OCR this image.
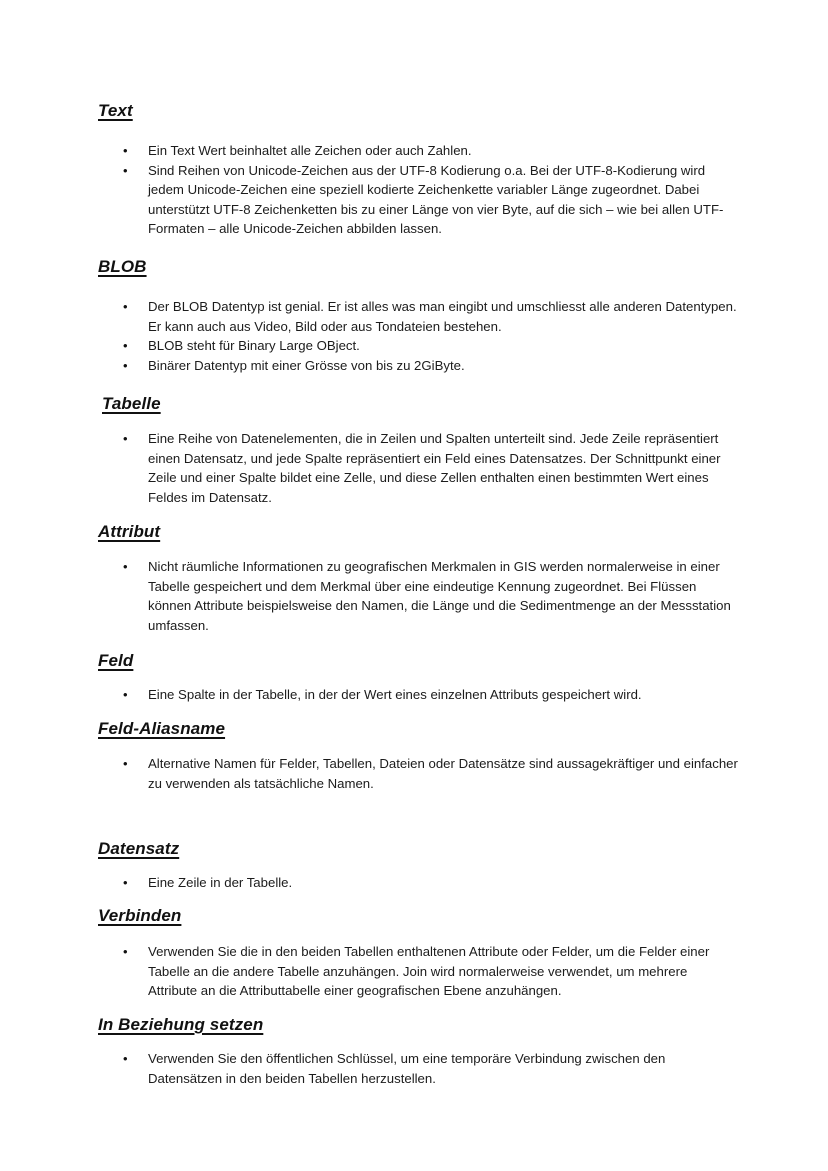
Text
• Ein Text Wert beinhaltet alle Zeichen oder auch Zahlen.
• Sind Reihen von Unicode-Zeichen aus der UTF-8 Kodierung o.a. Bei der UTF-8-Kodierung wird jedem Unicode-Zeichen eine speziell kodierte Zeichenkette variabler Länge zugeordnet. Dabei unterstützt UTF-8 Zeichenketten bis zu einer Länge von vier Byte, auf die sich – wie bei allen UTF-Formaten – alle Unicode-Zeichen abbilden lassen.
BLOB
• Der BLOB Datentyp ist genial. Er ist alles was man eingibt und umschliesst alle anderen Datentypen. Er kann auch aus Video, Bild oder aus Tondateien bestehen.
• BLOB steht für Binary Large OBject.
• Binärer Datentyp mit einer Grösse von bis zu 2GiByte.
Tabelle
• Eine Reihe von Datenelementen, die in Zeilen und Spalten unterteilt sind. Jede Zeile repräsentiert einen Datensatz, und jede Spalte repräsentiert ein Feld eines Datensatzes. Der Schnittpunkt einer Zeile und einer Spalte bildet eine Zelle, und diese Zellen enthalten einen bestimmten Wert eines Feldes im Datensatz.
Attribut
• Nicht räumliche Informationen zu geografischen Merkmalen in GIS werden normalerweise in einer Tabelle gespeichert und dem Merkmal über eine eindeutige Kennung zugeordnet. Bei Flüssen können Attribute beispielsweise den Namen, die Länge und die Sedimentmenge an der Messstation umfassen.
Feld
• Eine Spalte in der Tabelle, in der der Wert eines einzelnen Attributs gespeichert wird.
Feld-Aliasname
• Alternative Namen für Felder, Tabellen, Dateien oder Datensätze sind aussagekräftiger und einfacher zu verwenden als tatsächliche Namen.
Datensatz
• Eine Zeile in der Tabelle.
Verbinden
• Verwenden Sie die in den beiden Tabellen enthaltenen Attribute oder Felder, um die Felder einer Tabelle an die andere Tabelle anzuhängen. Join wird normalerweise verwendet, um mehrere Attribute an die Attributtabelle einer geografischen Ebene anzuhängen.
In Beziehung setzen
• Verwenden Sie den öffentlichen Schlüssel, um eine temporäre Verbindung zwischen den Datensätzen in den beiden Tabellen herzustellen.
